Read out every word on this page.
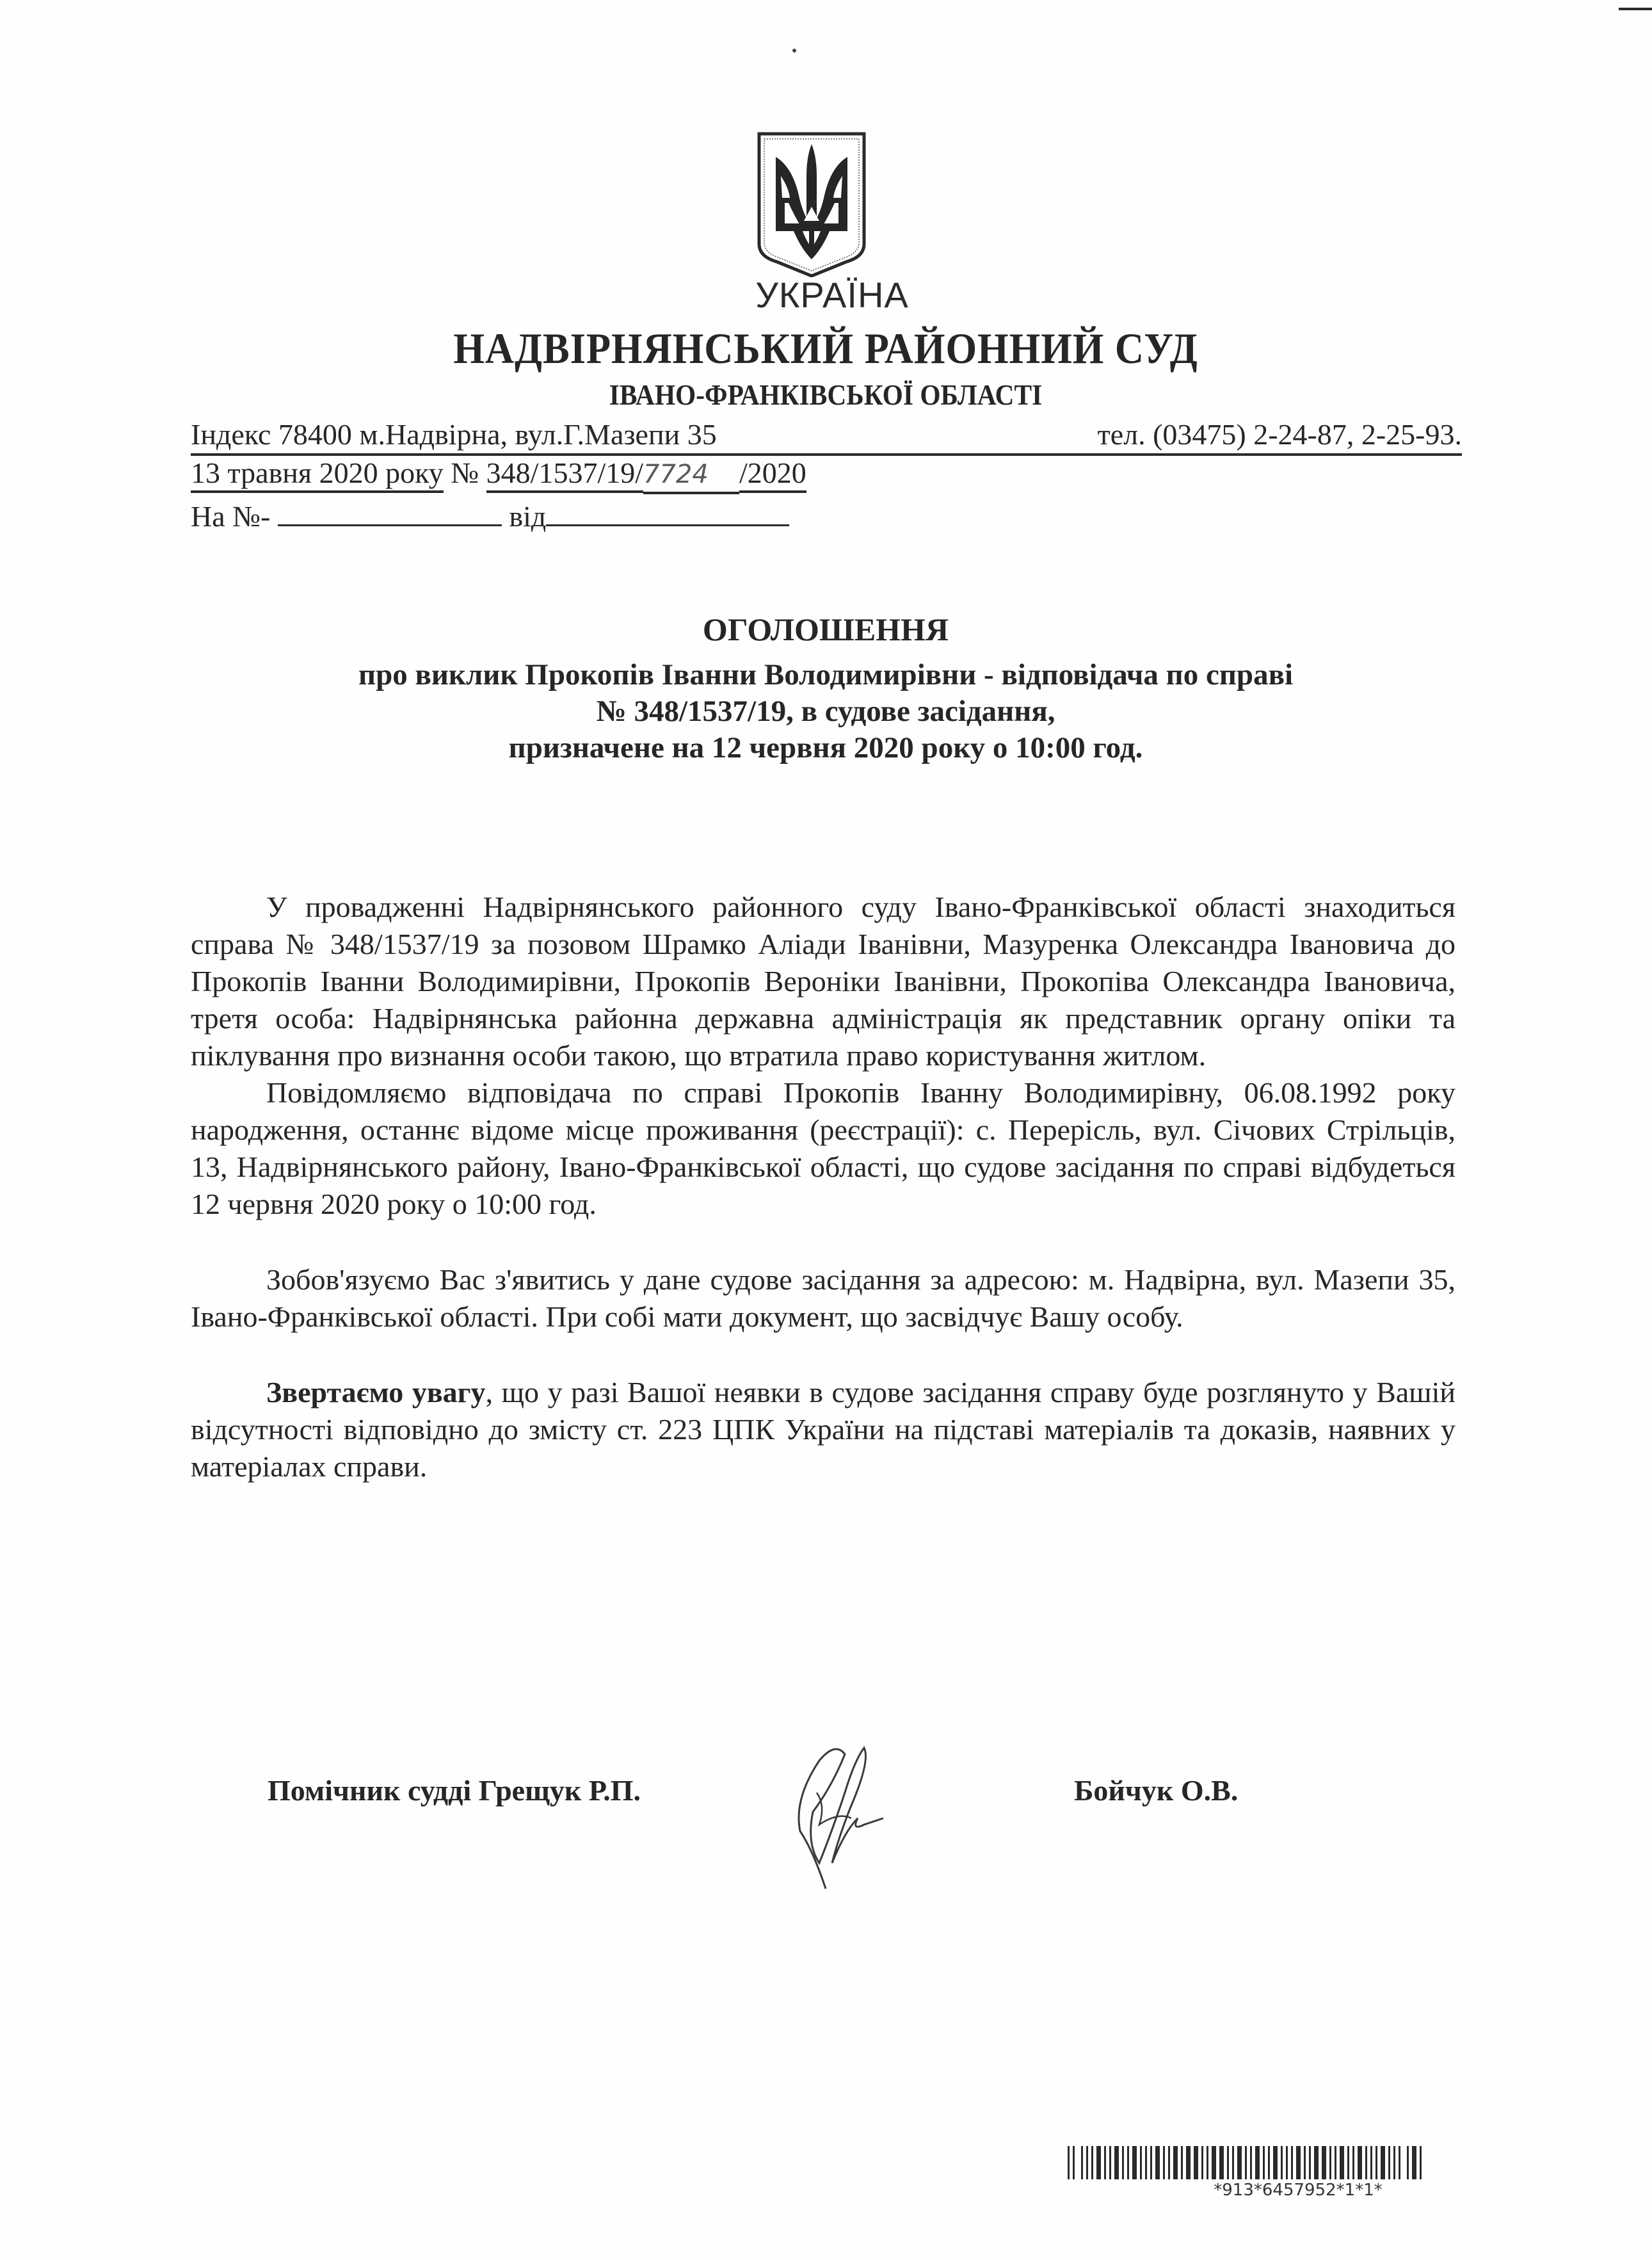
УКРАЇНА
НАДВІРНЯНСЬКИЙ РАЙОННИЙ СУД
ІВАНО-ФРАНКІВСЬКОЇ ОБЛАСТІ
Індекс 78400 м.Надвірна, вул.Г.Мазепи 35	тел. (03475) 2-24-87, 2-25-93.
13 травня 2020 року № 348/1537/19/7724 /2020
На №-	від
ОГОЛОШЕННЯ
про виклик Прокопів Іванни Володимирівни - відповідача по справі
№ 348/1537/19, в судове засідання,
призначене на 12 червня 2020 року о 10:00 год.

У провадженні Надвірнянського районного суду Івано-Франківської області знаходиться справа № 348/1537/19 за позовом Шрамко Аліади Іванівни, Мазуренка Олександра Івановича до Прокопів Іванни Володимирівни, Прокопів Вероніки Іванівни, Прокопіва Олександра Івановича, третя особа: Надвірнянська районна державна адміністрація як представник органу опіки та піклування про визнання особи такою, що втратила право користування житлом.

Повідомляємо відповідача по справі Прокопів Іванну Володимирівну, 06.08.1992 року народження, останнє відоме місце проживання (реєстрації): с. Перерісль, вул. Січових Стрільців, 13, Надвірнянського району, Івано-Франківської області, що судове засідання по справі відбудеться 12 червня 2020 року о 10:00 год.

Зобов'язуємо Вас з'явитись у дане судове засідання за адресою: м. Надвірна, вул. Мазепи 35, Івано-Франківської області. При собі мати документ, що засвідчує Вашу особу.

Звертаємо увагу, що у разі Вашої неявки в судове засідання справу буде розглянуто у Вашій відсутності відповідно до змісту ст. 223 ЦПК України на підставі матеріалів та доказів, наявних у матеріалах справи.

Помічник судді Грещук Р.П.	Бойчук О.В.
*913*6457952*1*1*
